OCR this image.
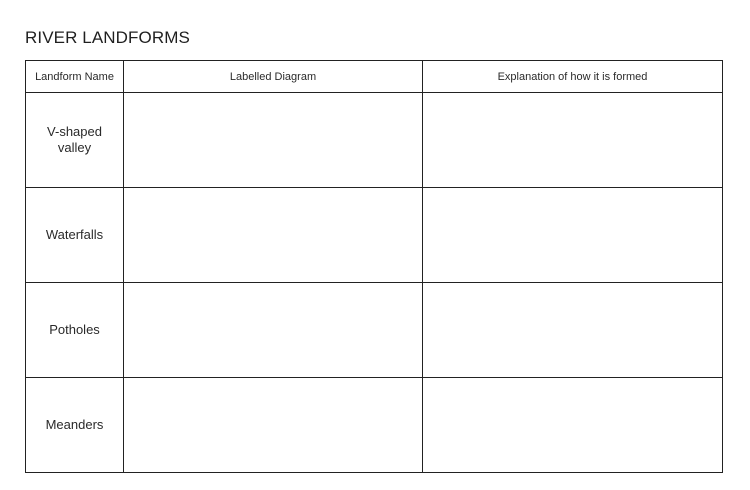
RIVER LANDFORMS
Landform Name	Labelled Diagram	Explanation of how it is formed
V-shaped valley		
Waterfalls		
Potholes		
Meanders		
